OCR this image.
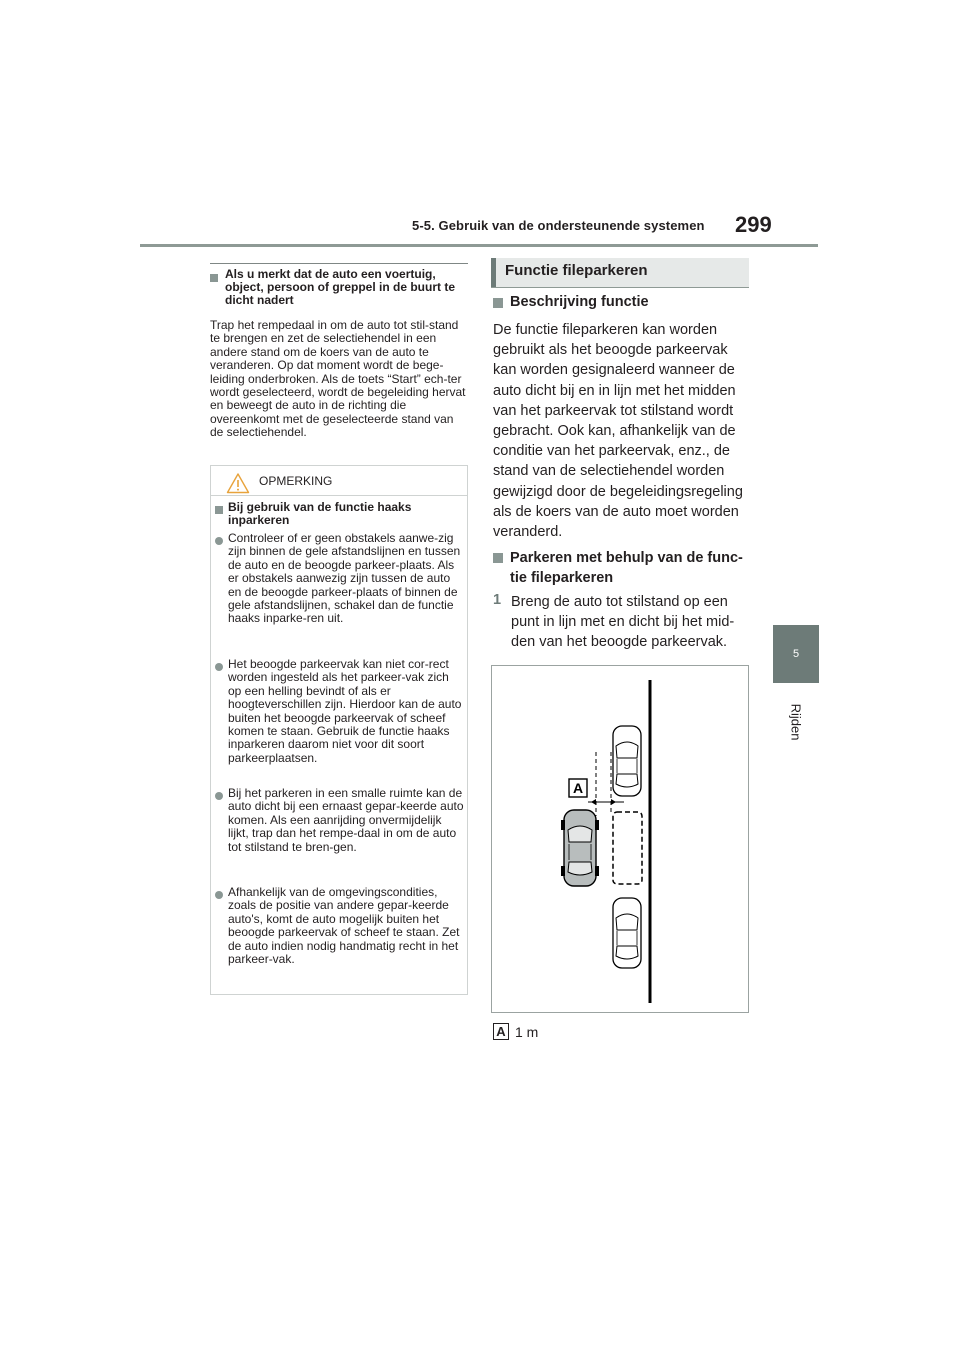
5-5. Gebruik van de ondersteunende systemen 299
5
Rijden
Als u merkt dat de auto een voertuig, object, persoon of greppel in de buurt te dicht nadert
Trap het rempedaal in om de auto tot stil-stand te brengen en zet de selectiehendel in een andere stand om de koers van de auto te veranderen. Op dat moment wordt de bege-leiding onderbroken. Als de toets “Start” ech-ter wordt geselecteerd, wordt de begeleiding hervat en beweegt de auto in de richting die overeenkomt met de geselecteerde stand van de selectiehendel.
OPMERKING
Bij gebruik van de functie haaks inparkeren
Controleer of er geen obstakels aanwe-zig zijn binnen de gele afstandslijnen en tussen de auto en de beoogde parkeer-plaats. Als er obstakels aanwezig zijn tussen de auto en de beoogde parkeer-plaats of binnen de gele afstandslijnen, schakel dan de functie haaks inparke-ren uit.
Het beoogde parkeervak kan niet cor-rect worden ingesteld als het parkeer-vak zich op een helling bevindt of als er hoogteverschillen zijn. Hierdoor kan de auto buiten het beoogde parkeervak of scheef komen te staan. Gebruik de functie haaks inparkeren daarom niet voor dit soort parkeerplaatsen.
Bij het parkeren in een smalle ruimte kan de auto dicht bij een ernaast gepar-keerde auto komen. Als een aanrijding onvermijdelijk lijkt, trap dan het rempe-daal in om de auto tot stilstand te bren-gen.
Afhankelijk van de omgevingscondities, zoals de positie van andere gepar-keerde auto's, komt de auto mogelijk buiten het beoogde parkeervak of scheef te staan. Zet de auto indien nodig handmatig recht in het parkeer-vak.
Functie fileparkeren
Beschrijving functie
De functie fileparkeren kan worden gebruikt als het beoogde parkeervak kan worden gesignaleerd wanneer de auto dicht bij en in lijn met het midden van het parkeervak tot stilstand wordt gebracht. Ook kan, afhankelijk van de conditie van het parkeervak, enz., de stand van de selectiehendel worden gewijzigd door de begeleidingsregeling als de koers van de auto moet worden veranderd.
Parkeren met behulp van de func-tie fileparkeren
1 Breng de auto tot stilstand op een punt in lijn met en dicht bij het mid-den van het beoogde parkeervak.
A
A 1 m
